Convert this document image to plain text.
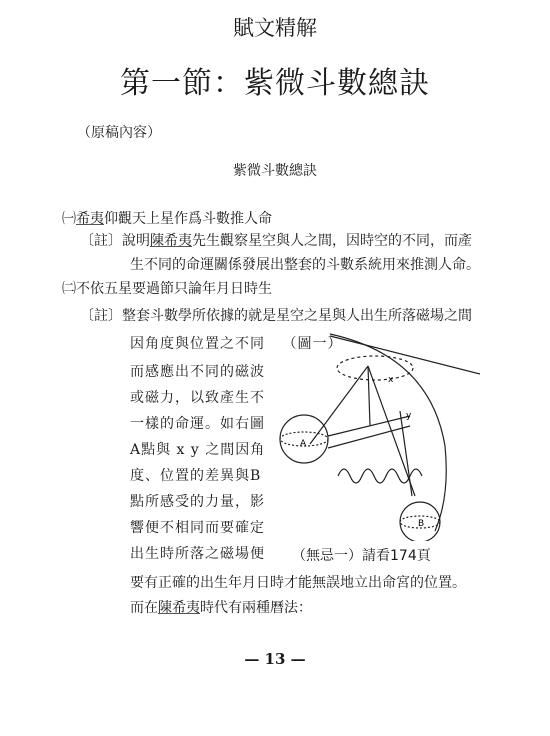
賦文精解
第一節：紫微斗數總訣
（原稿內容）
紫微斗數總訣
㈠希夷仰觀天上星作爲斗數推人命
〔註〕說明陳希夷先生觀察星空與人之間，因時空的不同，而產
生不同的命運關係發展出整套的斗數系統用來推測人命。
㈡不依五星要過節只論年月日時生
〔註〕整套斗數學所依據的就是星空之星與人出生所落磁場之間
因角度與位置之不同 （圖一）
而感應出不同的磁波
或磁力，以致產生不
一樣的命運。如右圖
A點與 x y 之間因角
度、位置的差異與B
點所感受的力量，影
響便不相同而要確定
出生時所落之磁場便
要有正確的出生年月日時才能無誤地立出命宮的位置。
而在陳希夷時代有兩種曆法：
A
B
x
y
（無忌一）請看174頁
— 13 —
